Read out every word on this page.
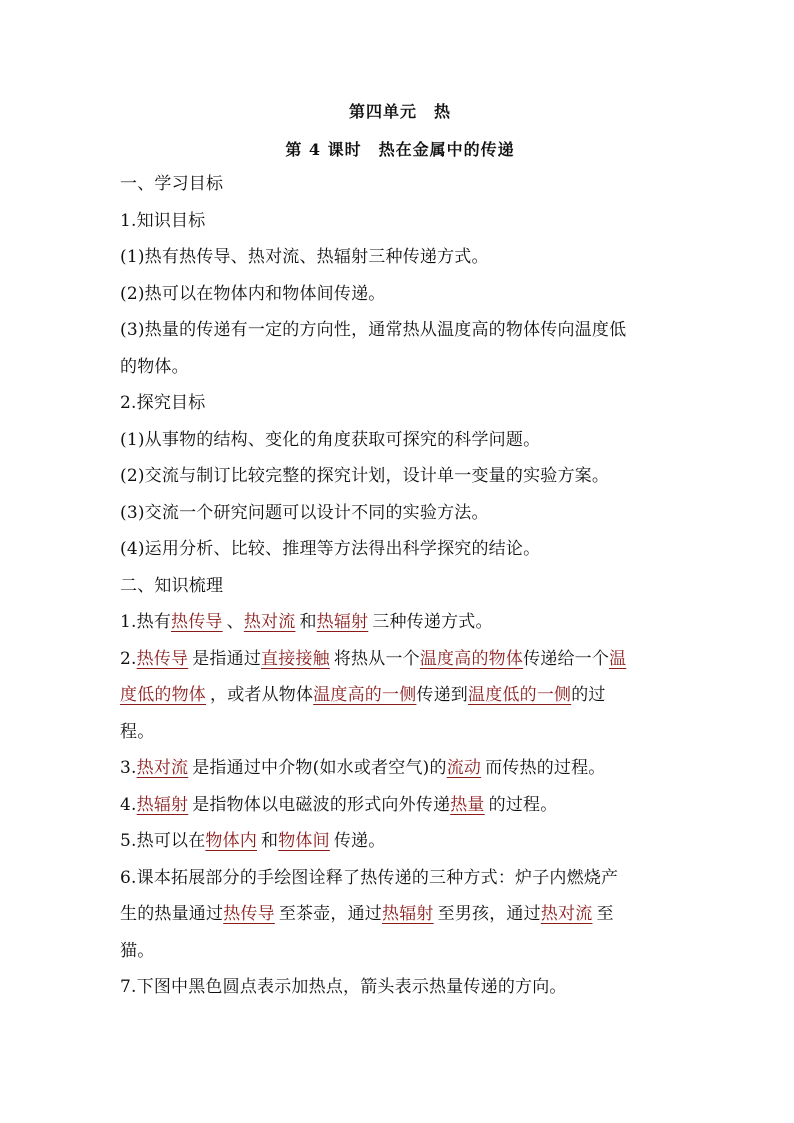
第四单元　热

第 4 课时　热在金属中的传递

一、学习目标

1.知识目标

(1)热有热传导、热对流、热辐射三种传递方式。

(2)热可以在物体内和物体间传递。

(3)热量的传递有一定的方向性，通常热从温度高的物体传向温度低

的物体。

2.探究目标

(1)从事物的结构、变化的角度获取可探究的科学问题。

(2)交流与制订比较完整的探究计划，设计单一变量的实验方案。

(3)交流一个研究问题可以设计不同的实验方法。

(4)运用分析、比较、推理等方法得出科学探究的结论。

二、知识梳理

1.热有热传导 、热对流 和热辐射 三种传递方式。

2.热传导 是指通过直接接触 将热从一个温度高的物体传递给一个温

度低的物体 ，或者从物体温度高的一侧传递到温度低的一侧的过

程。

3.热对流 是指通过中介物(如水或者空气)的流动 而传热的过程。

4.热辐射 是指物体以电磁波的形式向外传递热量 的过程。

5.热可以在物体内 和物体间 传递。

6.课本拓展部分的手绘图诠释了热传递的三种方式：炉子内燃烧产

生的热量通过热传导 至茶壶，通过热辐射 至男孩，通过热对流 至

猫。

7.下图中黑色圆点表示加热点，箭头表示热量传递的方向。
